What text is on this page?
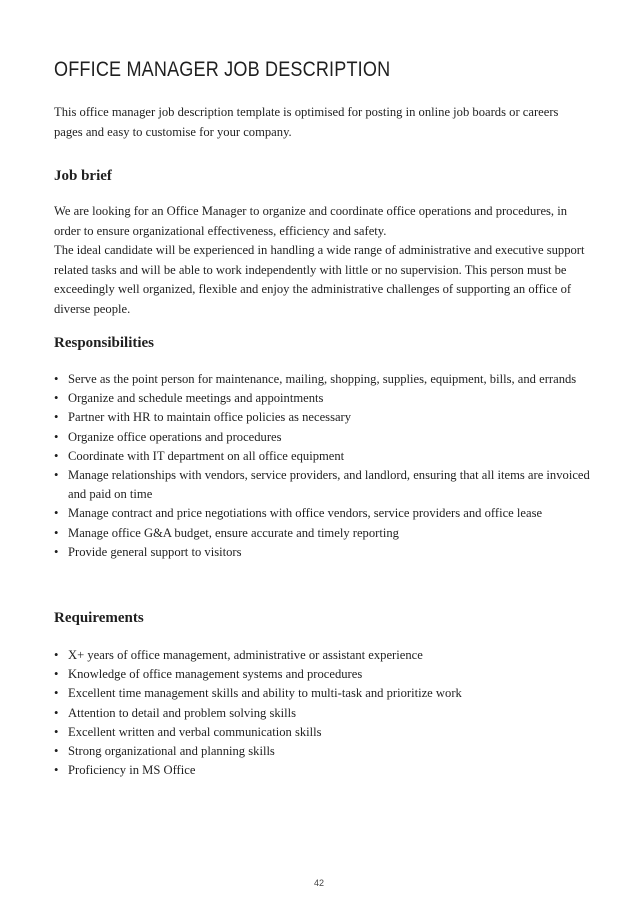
OFFICE MANAGER JOB DESCRIPTION

This office manager job description template is optimised for posting in online job boards or careers pages and easy to customise for your company.

Job brief

We are looking for an Office Manager to organize and coordinate office operations and procedures, in order to ensure organizational effectiveness, efficiency and safety.

The ideal candidate will be experienced in handling a wide range of administrative and executive support related tasks and will be able to work independently with little or no supervision. This person must be exceedingly well organized, flexible and enjoy the administrative challenges of supporting an office of diverse people.

Responsibilities
• Serve as the point person for maintenance, mailing, shopping, supplies, equipment, bills, and errands
• Organize and schedule meetings and appointments
• Partner with HR to maintain office policies as necessary
• Organize office operations and procedures
• Coordinate with IT department on all office equipment
• Manage relationships with vendors, service providers, and landlord, ensuring that all items are invoiced and paid on time
• Manage contract and price negotiations with office vendors, service providers and office lease
• Manage office G&A budget, ensure accurate and timely reporting
• Provide general support to visitors
Requirements
• X+ years of office management, administrative or assistant experience
• Knowledge of office management systems and procedures
• Excellent time management skills and ability to multi-task and prioritize work
• Attention to detail and problem solving skills
• Excellent written and verbal communication skills
• Strong organizational and planning skills
• Proficiency in MS Office
42
